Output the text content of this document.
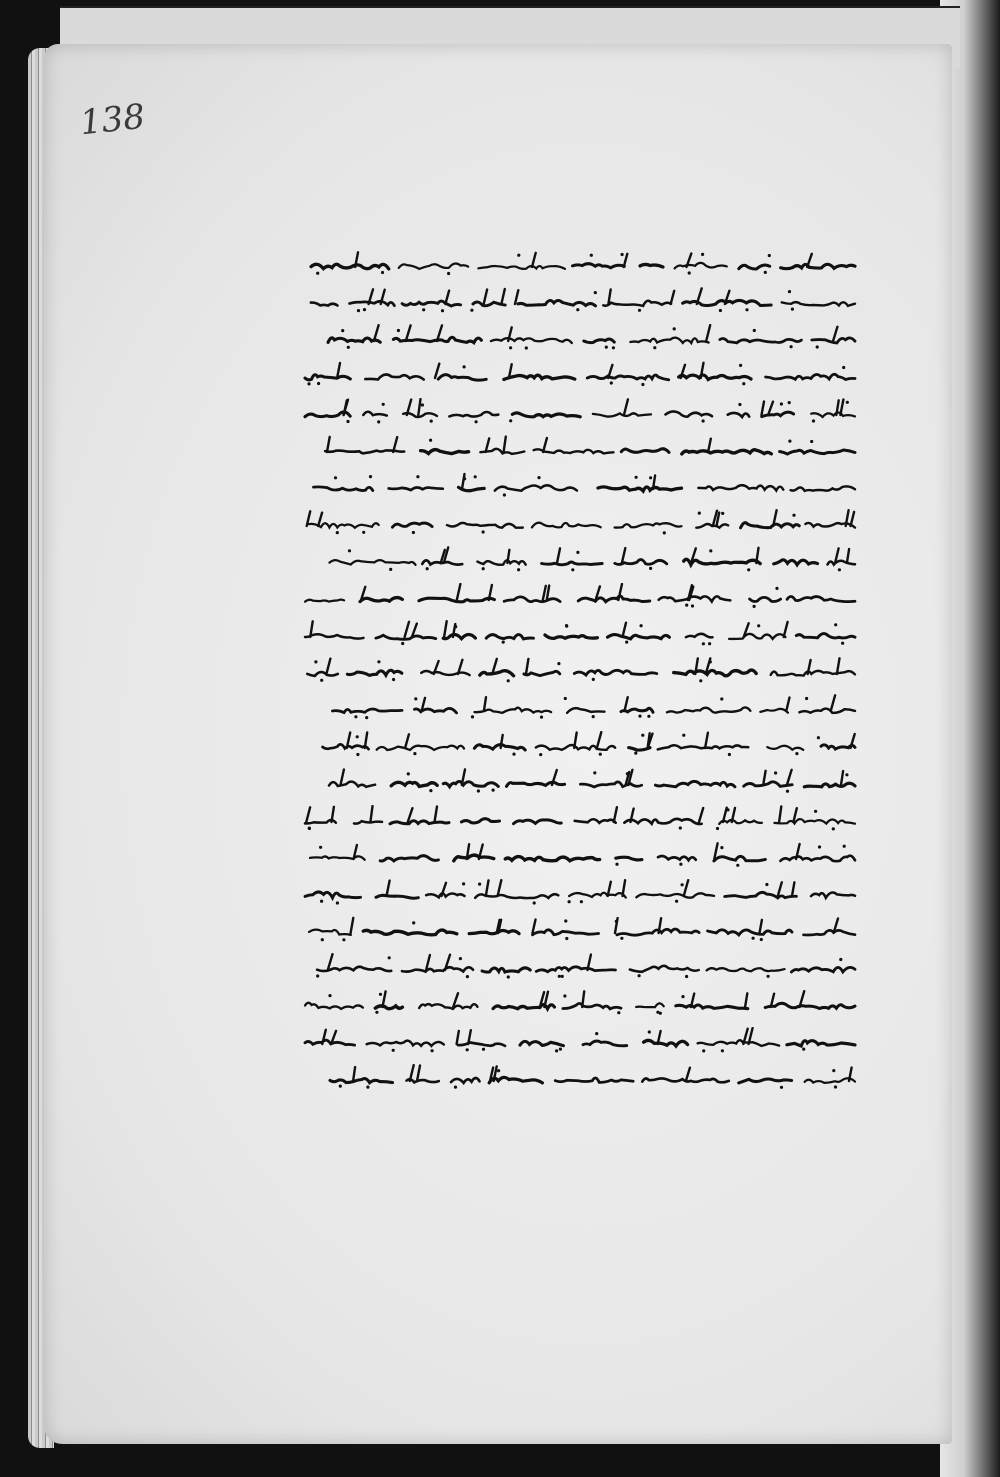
138
